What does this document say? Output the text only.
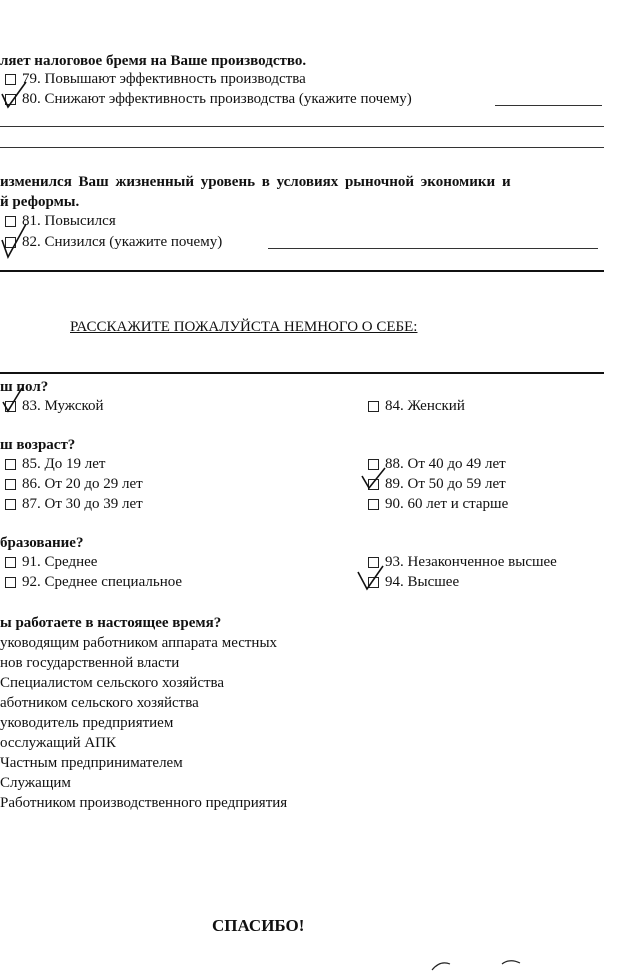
ляет налоговое бремя на Ваше производство.
79. Повышают эффективность производства
80. Снижают эффективность производства (укажите почему)
изменился Ваш жизненный уровень в условиях рыночной экономики и
й реформы.
81. Повысился
82. Снизился (укажите почему)
РАССКАЖИТЕ ПОЖАЛУЙСТА НЕМНОГО О СЕБЕ:
ш пол?
83. Мужской	84. Женский
ш возраст?
85. До 19 лет
86. От 20 до 29 лет
87. От 30 до 39 лет
88. От 40 до 49 лет
89. От 50 до 59 лет
90. 60 лет и старше
бразование?
91. Среднее
92. Среднее специальное
93. Незаконченное высшее
94. Высшее
ы работаете в настоящее время?
уководящим работником аппарата местных
нов государственной власти
Специалистом сельского хозяйства
аботником сельского хозяйства
уководитель предприятием
осслужащий АПК
Частным предпринимателем
Служащим
Работником производственного предприятия
СПАСИБО!
